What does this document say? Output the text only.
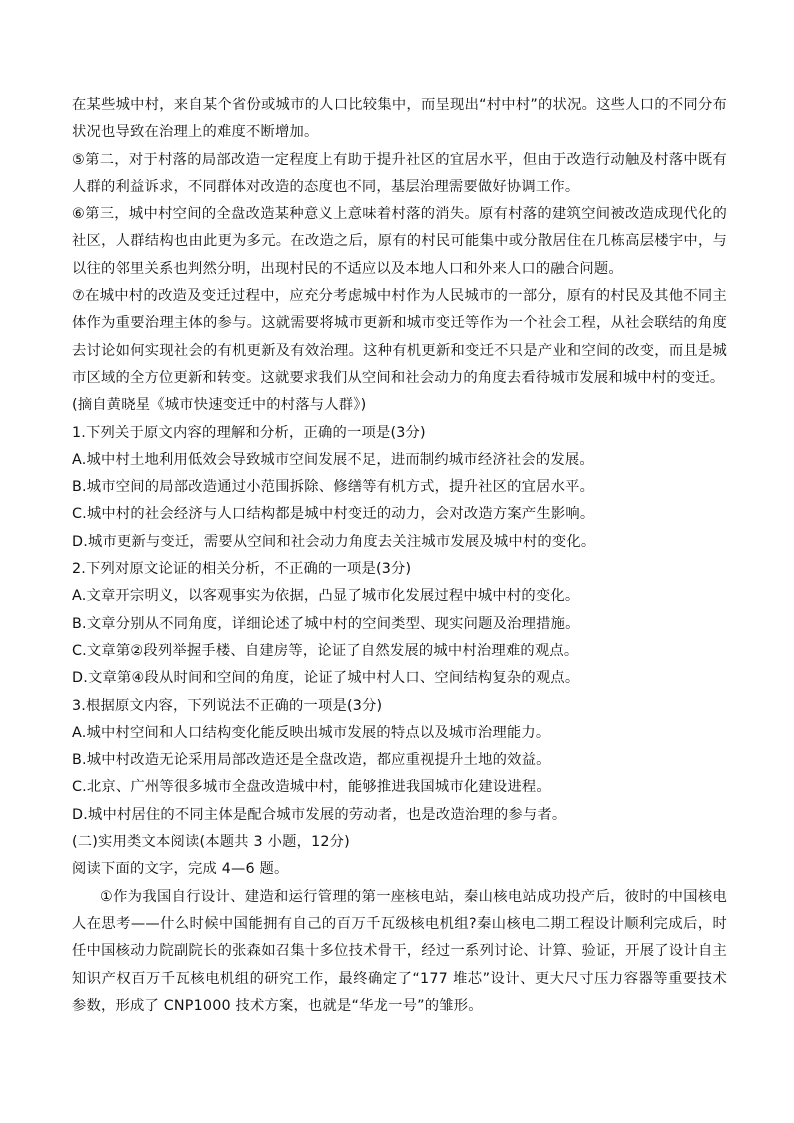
在某些城中村，来自某个省份或城市的人口比较集中，而呈现出“村中村”的状况。这些人口的不同分布状况也导致在治理上的难度不断增加。

⑤第二，对于村落的局部改造一定程度上有助于提升社区的宜居水平，但由于改造行动触及村落中既有人群的利益诉求，不同群体对改造的态度也不同，基层治理需要做好协调工作。

⑥第三，城中村空间的全盘改造某种意义上意味着村落的消失。原有村落的建筑空间被改造成现代化的社区，人群结构也由此更为多元。在改造之后，原有的村民可能集中或分散居住在几栋高层楼宇中，与以往的邻里关系也判然分明，出现村民的不适应以及本地人口和外来人口的融合问题。

⑦在城中村的改造及变迁过程中，应充分考虑城中村作为人民城市的一部分，原有的村民及其他不同主体作为重要治理主体的参与。这就需要将城市更新和城市变迁等作为一个社会工程，从社会联结的角度去讨论如何实现社会的有机更新及有效治理。这种有机更新和变迁不只是产业和空间的改变，而且是城市区域的全方位更新和转变。这就要求我们从空间和社会动力的角度去看待城市发展和城中村的变迁。

(摘自黄晓星《城市快速变迁中的村落与人群》)

1.下列关于原文内容的理解和分析，正确的一项是(3分)

A.城中村土地利用低效会导致城市空间发展不足，进而制约城市经济社会的发展。

B.城市空间的局部改造通过小范围拆除、修缮等有机方式，提升社区的宜居水平。

C.城中村的社会经济与人口结构都是城中村变迁的动力，会对改造方案产生影响。

D.城市更新与变迁，需要从空间和社会动力角度去关注城市发展及城中村的变化。

2.下列对原文论证的相关分析，不正确的一项是(3分)

A.文章开宗明义，以客观事实为依据，凸显了城市化发展过程中城中村的变化。

B.文章分别从不同角度，详细论述了城中村的空间类型、现实问题及治理措施。

C.文章第②段列举握手楼、自建房等，论证了自然发展的城中村治理难的观点。

D.文章第④段从时间和空间的角度，论证了城中村人口、空间结构复杂的观点。

3.根据原文内容，下列说法不正确的一项是(3分)

A.城中村空间和人口结构变化能反映出城市发展的特点以及城市治理能力。

B.城中村改造无论采用局部改造还是全盘改造，都应重视提升土地的效益。

C.北京、广州等很多城市全盘改造城中村，能够推进我国城市化建设进程。

D.城中村居住的不同主体是配合城市发展的劳动者，也是改造治理的参与者。

(二)实用类文本阅读(本题共 3 小题，12分)

阅读下面的文字，完成 4—6 题。

①作为我国自行设计、建造和运行管理的第一座核电站，秦山核电站成功投产后，彼时的中国核电人在思考——什么时候中国能拥有自己的百万千瓦级核电机组?秦山核电二期工程设计顺利完成后，时任中国核动力院副院长的张森如召集十多位技术骨干，经过一系列讨论、计算、验证，开展了设计自主知识产权百万千瓦核电机组的研究工作，最终确定了“177 堆芯”设计、更大尺寸压力容器等重要技术参数，形成了 CNP1000 技术方案，也就是“华龙一号”的雏形。
